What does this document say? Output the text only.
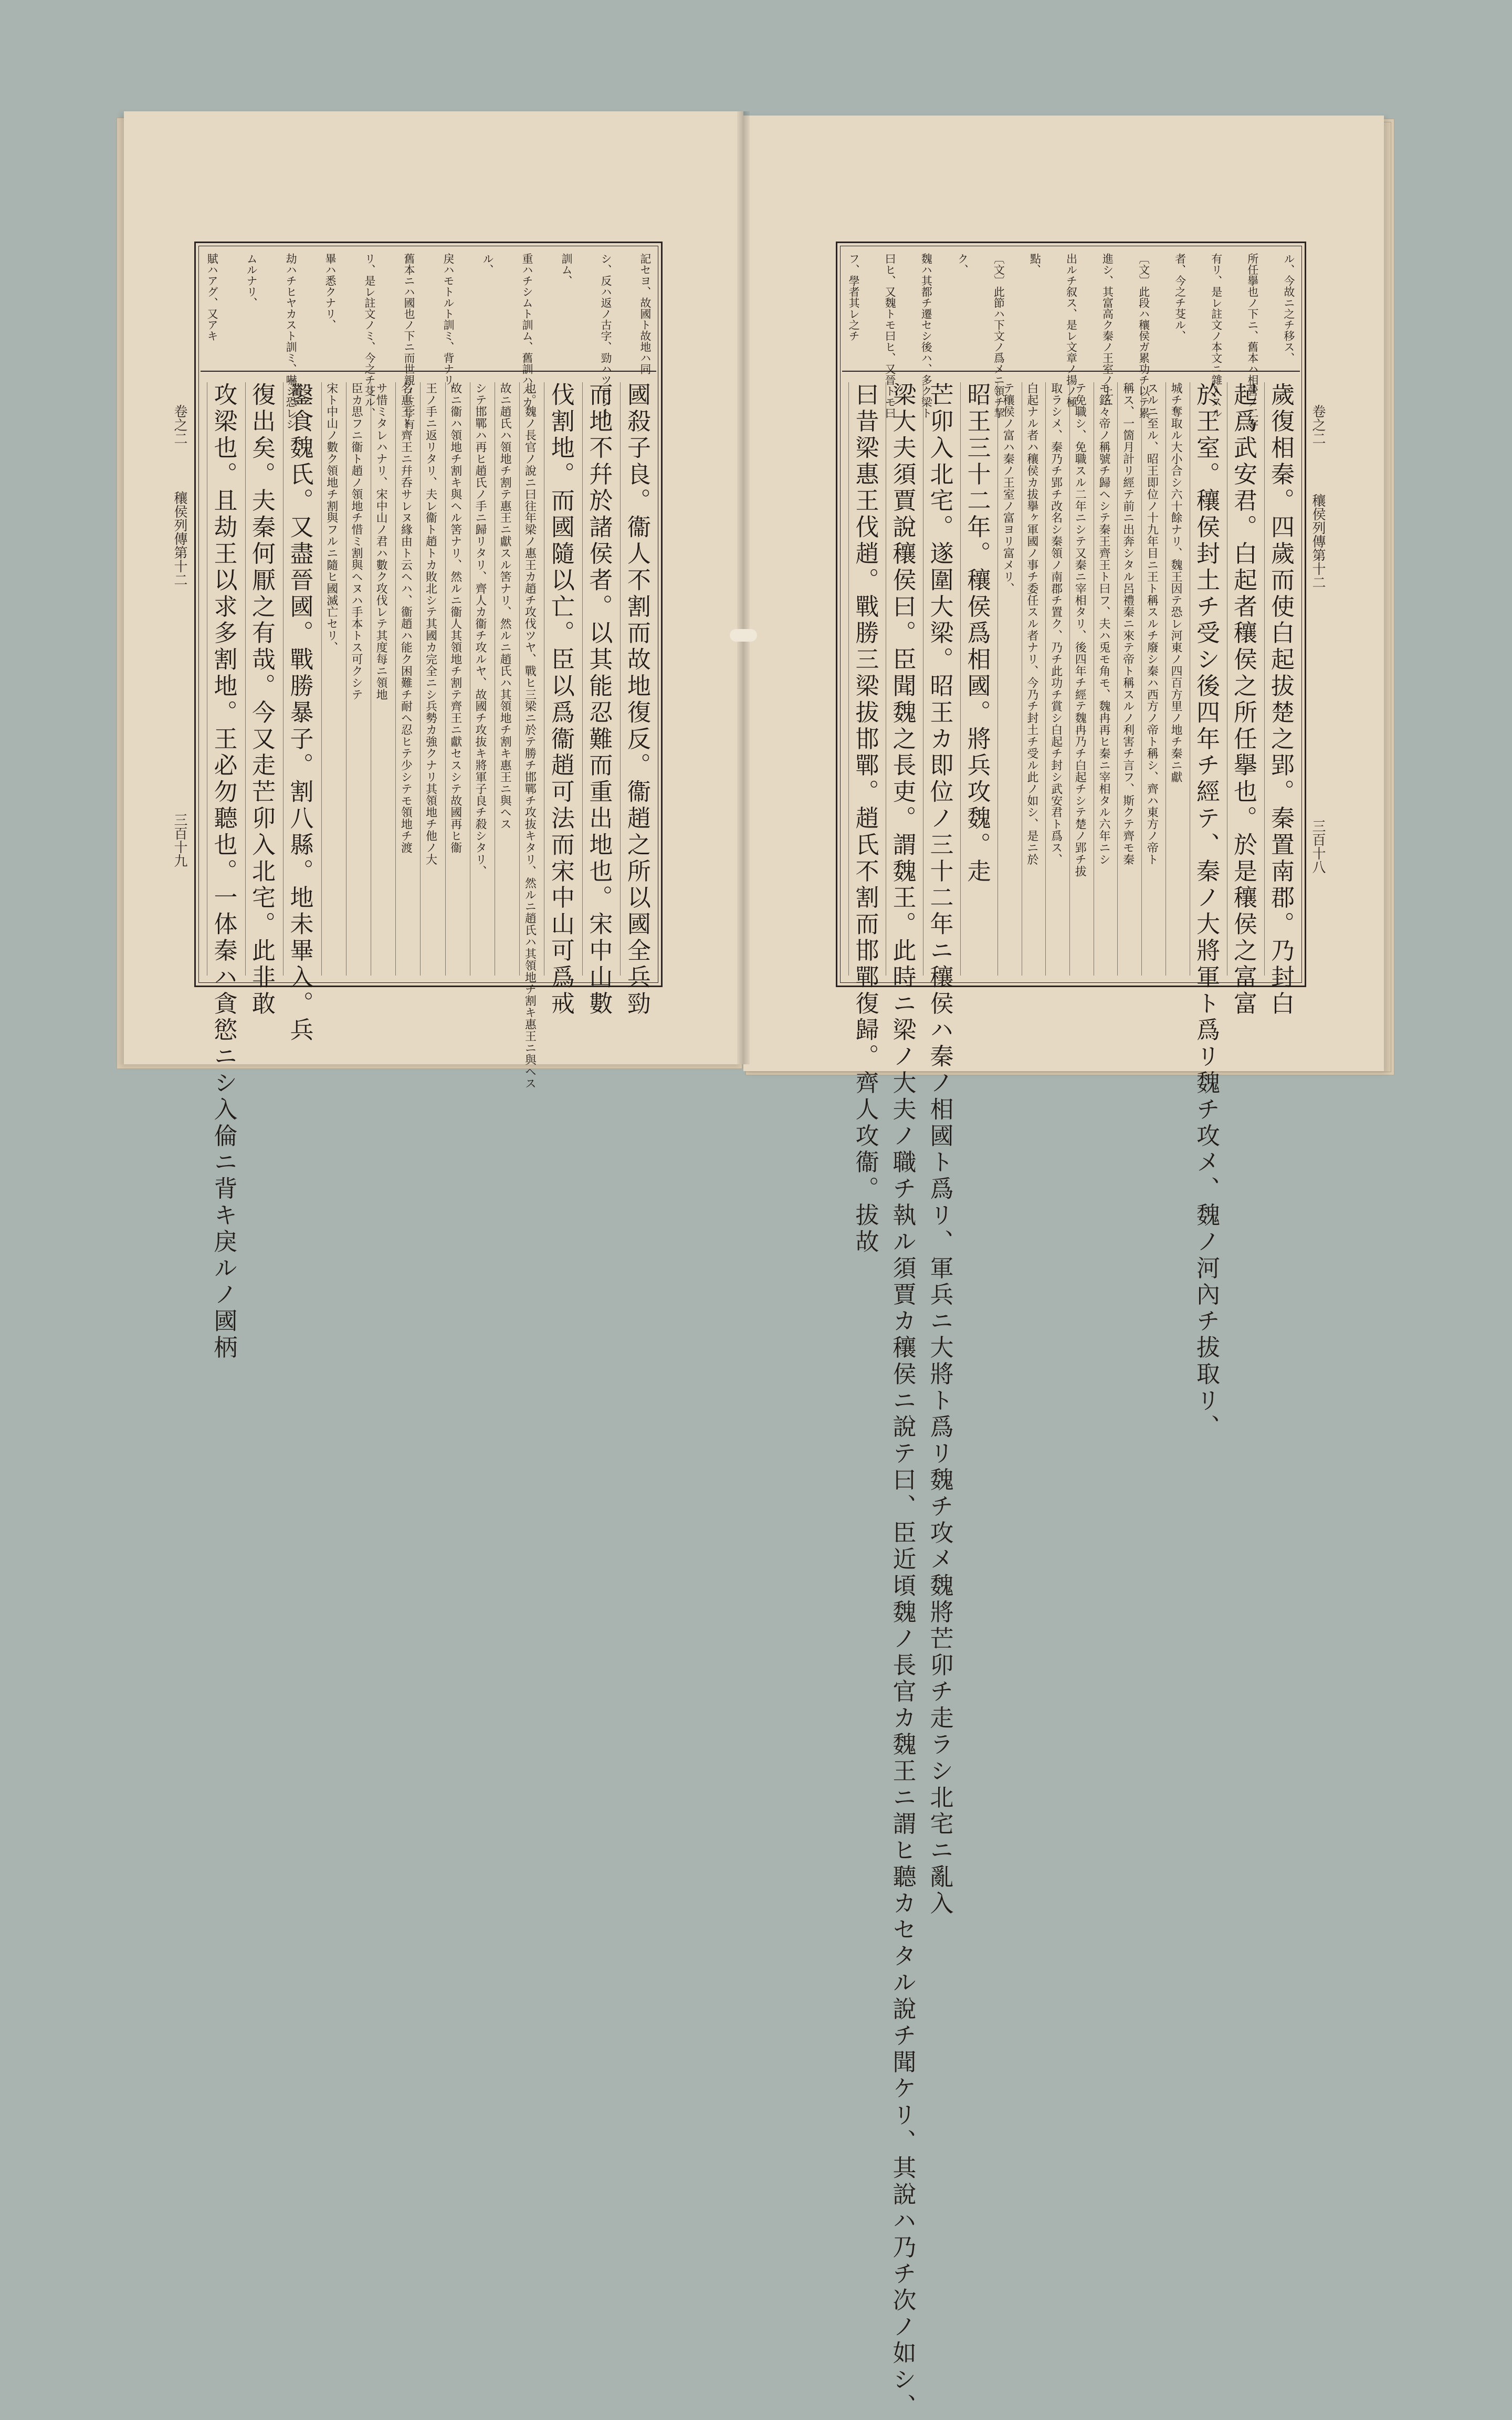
記セヨ、故國ト故地ハ同
シ、反ハ返ノ古字、勁ハツヨシト
訓ム、
重ハチシムト訓ム、舊訓ハハカ
ル、
戾ハモトルト訓ミ、背ナリ、
舊本ニハ國也ノ下ニ而世親ノ三字有
リ、是レ註文ノミ、今之チ芟ル、
畢ハ悉クナリ、
劫ハチヒヤカスト訓ミ、嚇シ恐レシ
ムルナリ、
賦ハアグ、又アキ
國殺子良。衞人不割而故地復反。衞趙之所以國全兵勁
而地不幷於諸侯者。以其能忍難而重出地也。宋中山數
伐割地。而國隨以亡。臣以爲衞趙可法而宋中山可爲戒
也。魏ノ長官ノ說ニ曰往年梁ノ惠王カ趙チ攻伐ツヤ、戰ヒ三梁ニ於テ勝チ邯鄲チ攻抜キタリ、然ルニ趙氏ハ其領地チ割キ惠王ニ與ヘス
故ニ趙氏ハ領地チ割テ惠王ニ獻スル筈ナリ、然ルニ趙氏ハ其領地チ割キ惠王ニ與ヘス
シテ邯鄲ハ再ヒ趙氏ノ手ニ歸リタリ、齊人カ衞チ攻ルヤ、故國チ攻抜キ將軍子良チ殺シタリ、
故ニ衞ハ領地チ割キ與ヘル筈ナリ、然ルニ衞人其領地チ割テ齊王ニ獻セスシテ故國再ヒ衞
王ノ手ニ返リタリ、夫レ衞ト趙トカ敗北シテ其國カ完全ニシ兵勢カ強クナリ其領地チ他ノ大
名惠王ト齊王ニ幷呑サレヌ緣由ト云ヘハ、衞趙ハ能ク困難チ耐ヘ忍ヒテ少シテモ領地チ渡
サ惜ミタレハナリ、宋中山ノ君ハ數ク攻伐レテ其度每ニ領地
臣カ思フニ衞ト趙ノ領地チ惜ミ割與ヘヌハ手本トス可クシテ
宋ト中山ノ數ク領地チ割與フルニ隨ヒ國滅亡セリ、
鑿食魏氏。又盡晉國。戰勝暴子。割八縣。地未畢入。兵
復出矣。夫秦何厭之有哉。今又走芒卯入北宅。此非敢
攻梁也。且劫王以求多割地。王必勿聽也。一体秦ハ貪慾ニシ入倫ニ背キ戾ルノ國柄
卷之二
穰侯列傳第十二
三百十九
ル、今故ニ之チ移ス、
所任擧也ノ下ニ、舊本ハ相營ノ二字
有リ、是レ註文ノ本文ニ雜入スル
者、今之チ芟ル、
〔文〕此段ハ穰侯ガ累功チ以テ累
進シ、其富高ク秦ノ王室ノ上ニ
出ルチ叙ス、是レ文章ノ揚ノ極
點、
〔文〕此節ハ下文ノ爲メニ領チ挈
ク、
魏ハ其都チ遷セシ後ハ、多ク梁ト
曰ヒ、又魏トモ曰ヒ、又晉トモ曰
フ、學者其レ之チ
歲復相秦。四歲而使白起拔楚之郢。秦置南郡。乃封白
起爲武安君。白起者穰侯之所任擧也。於是穰侯之富富
於王室。穰侯封土チ受シ後四年チ經テ、秦ノ大將軍ト爲リ魏チ攻メ、魏ノ河內チ拔取リ、
城チ奪取ル大小合シ六十餘ナリ、魏王因テ恐レ河東ノ四百方里ノ地チ秦ニ獻
スルニ至ル、昭王即位ノ十九年目ニ王ト稱スルチ廢シ秦ハ西方ノ帝ト稱シ、齊ハ東方ノ帝ト
稱ス、一箇月計リ經テ前ニ出奔シタル呂禮秦ニ來テ帝ト稱スルノ利害チ言フ、斯クテ齊モ秦
モ銘々帝ノ稱號チ歸ヘシテ秦王齊王ト曰フ、夫ハ兎モ角モ、魏冉再ヒ秦ニ宰相タル六年ニシ
テ免職シ、免職スル二年ニシテ又秦ニ宰相タリ、後四年チ經テ魏冉乃チ白起チシテ楚ノ郢チ拔
取ラシメ、秦乃チ郢チ改名シ秦領ノ南郡チ置ク、乃チ此功チ賞シ白起チ封シ武安君ト爲ス、
白起ナル者ハ穰侯カ拔擧ヶ軍國ノ事チ委任スル者ナリ、今乃チ封土チ受ル此ノ如シ、是ニ於
テ穰侯ノ富ハ秦ノ王室ノ富ヨリ富メリ、
昭王三十二年。穰侯爲相國。將兵攻魏。走
芒卯入北宅。遂圍大梁。昭王カ即位ノ三十二年ニ穰侯ハ秦ノ相國ト爲リ、軍兵ニ大將ト爲リ魏チ攻メ魏將芒卯チ走ラシ北宅ニ亂入
梁大夫須賈說穰侯曰。臣聞魏之長吏。謂魏王。此時ニ梁ノ大夫ノ職チ執ル須賈カ穰侯ニ說テ曰、臣近頃魏ノ長官カ魏王ニ謂ヒ聽カセタル說チ聞ケリ、其說ハ乃チ次ノ如シ、
曰昔梁惠王伐趙。戰勝三梁拔邯鄲。趙氏不割而邯鄲復歸。齊人攻衞。拔故	卷之二
穰侯列傳第十二
三百十八
